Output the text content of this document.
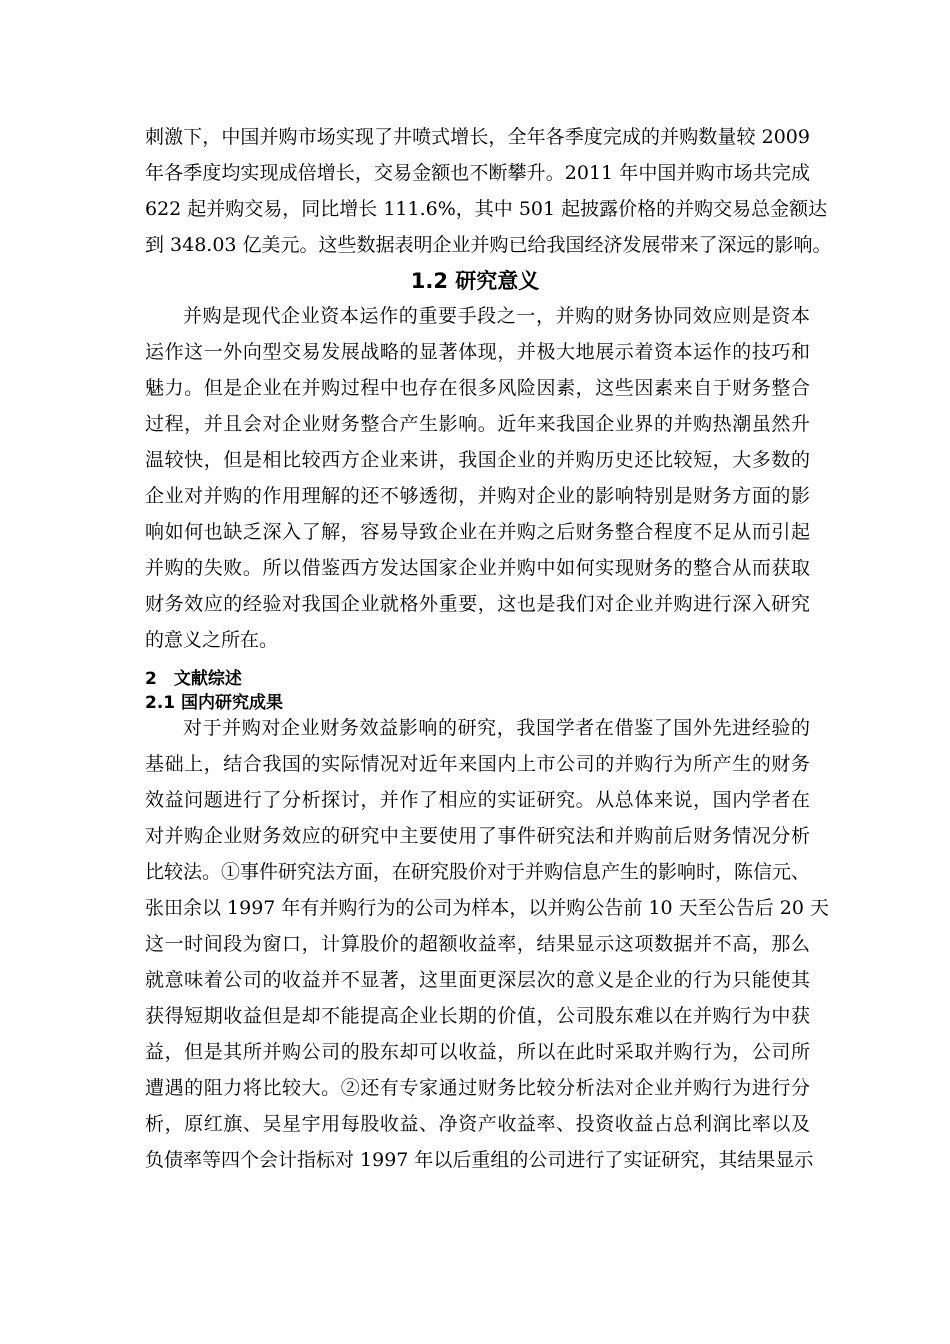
刺激下，中国并购市场实现了井喷式增长，全年各季度完成的并购数量较 2009
年各季度均实现成倍增长，交易金额也不断攀升。2011 年中国并购市场共完成
622 起并购交易，同比增长 111.6%，其中 501 起披露价格的并购交易总金额达
到 348.03 亿美元。这些数据表明企业并购已给我国经济发展带来了深远的影响。
1.2 研究意义
并购是现代企业资本运作的重要手段之一，并购的财务协同效应则是资本
运作这一外向型交易发展战略的显著体现，并极大地展示着资本运作的技巧和
魅力。但是企业在并购过程中也存在很多风险因素，这些因素来自于财务整合
过程，并且会对企业财务整合产生影响。近年来我国企业界的并购热潮虽然升
温较快，但是相比较西方企业来讲，我国企业的并购历史还比较短，大多数的
企业对并购的作用理解的还不够透彻，并购对企业的影响特别是财务方面的影
响如何也缺乏深入了解，容易导致企业在并购之后财务整合程度不足从而引起
并购的失败。所以借鉴西方发达国家企业并购中如何实现财务的整合从而获取
财务效应的经验对我国企业就格外重要，这也是我们对企业并购进行深入研究
的意义之所在。
2　文献综述
2.1 国内研究成果
对于并购对企业财务效益影响的研究，我国学者在借鉴了国外先进经验的
基础上，结合我国的实际情况对近年来国内上市公司的并购行为所产生的财务
效益问题进行了分析探讨，并作了相应的实证研究。从总体来说，国内学者在
对并购企业财务效应的研究中主要使用了事件研究法和并购前后财务情况分析
比较法。①事件研究法方面，在研究股价对于并购信息产生的影响时，陈信元、
张田余以 1997 年有并购行为的公司为样本，以并购公告前 10 天至公告后 20 天
这一时间段为窗口，计算股价的超额收益率，结果显示这项数据并不高，那么
就意味着公司的收益并不显著，这里面更深层次的意义是企业的行为只能使其
获得短期收益但是却不能提高企业长期的价值，公司股东难以在并购行为中获
益，但是其所并购公司的股东却可以收益，所以在此时采取并购行为，公司所
遭遇的阻力将比较大。②还有专家通过财务比较分析法对企业并购行为进行分
析，原红旗、吴星宇用每股收益、净资产收益率、投资收益占总利润比率以及
负债率等四个会计指标对 1997 年以后重组的公司进行了实证研究，其结果显示
